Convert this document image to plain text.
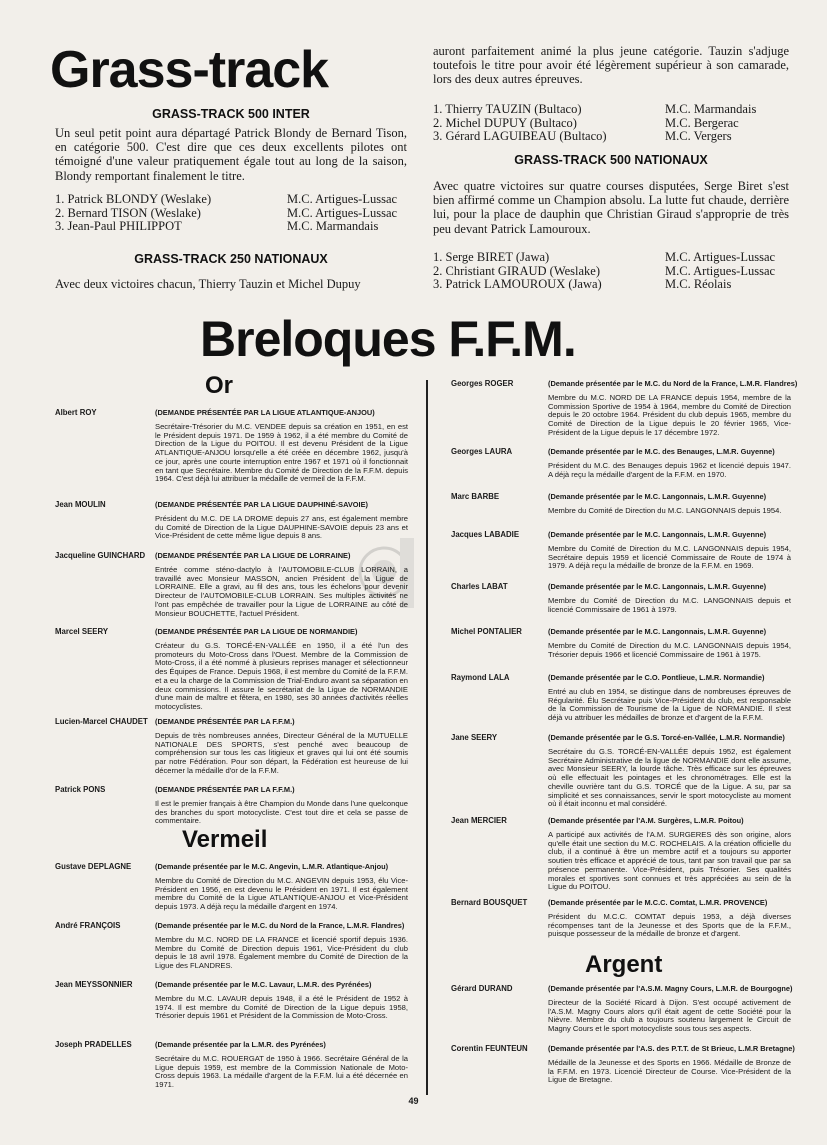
Grass-track
GRASS-TRACK 500 INTER
Un seul petit point aura départagé Patrick Blondy de Bernard Tison, en catégorie 500. C'est dire que ces deux excellents pilotes ont témoigné d'une valeur pratiquement égale tout au long de la saison, Blondy remportant finalement le titre.
1. Patrick BLONDY (Weslake)	M.C. Artigues-Lussac
2. Bernard TISON (Weslake)	M.C. Artigues-Lussac
3. Jean-Paul PHILIPPOT	M.C. Marmandais
GRASS-TRACK 250 NATIONAUX
Avec deux victoires chacun, Thierry Tauzin et Michel Dupuy
auront parfaitement animé la plus jeune catégorie. Tauzin s'adjuge toutefois le titre pour avoir été légèrement supérieur à son camarade, lors des deux autres épreuves.
1. Thierry TAUZIN (Bultaco)	M.C. Marmandais
2. Michel DUPUY (Bultaco)	M.C. Bergerac
3. Gérard LAGUIBEAU (Bultaco)	M.C. Vergers
GRASS-TRACK 500 NATIONAUX
Avec quatre victoires sur quatre courses disputées, Serge Biret s'est bien affirmé comme un Champion absolu. La lutte fut chaude, derrière lui, pour la place de dauphin que Christian Giraud s'approprie de très peu devant Patrick Lamouroux.
1. Serge BIRET (Jawa)	M.C. Artigues-Lussac
2. Christiant GIRAUD (Weslake)	M.C. Artigues-Lussac
3. Patrick LAMOUROUX (Jawa)	M.C. Réolais
Breloques F.F.M.
Or
Vermeil
Argent
Albert ROY	(DEMANDE PRÉSENTÉE PAR LA LIGUE ATLANTIQUE-ANJOU)
Secrétaire-Trésorier du M.C. VENDEE depuis sa création en 1951, en est le Président depuis 1971. De 1959 à 1962, il a été membre du Comité de Direction de la Ligue du POITOU. Il est devenu Président de la Ligue ATLANTIQUE-ANJOU lorsqu'elle a été créée en décembre 1962, jusqu'à ce jour, après une courte interruption entre 1967 et 1971 où il fonctionnait en tant que Secrétaire. Membre du Comité de Direction de la F.F.M. depuis 1964. C'est déjà lui attribuer la médaille de vermeil de la F.F.M.
Jean MOULIN	(DEMANDE PRÉSENTÉE PAR LA LIGUE DAUPHINÉ-SAVOIE)
Président du M.C. DE LA DROME depuis 27 ans, est également membre du Comité de Direction de la Ligue DAUPHINE-SAVOIE depuis 23 ans et Vice-Président de cette même ligue depuis 8 ans.
Jacqueline GUINCHARD (DEMANDE PRÉSENTÉE PAR LA LIGUE DE LORRAINE)
Entrée comme sténo-dactylo à l'AUTOMOBILE-CLUB LORRAIN, a travaillé avec Monsieur MASSON, ancien Président de la Ligue de LORRAINE. Elle a gravi, au fil des ans, tous les échelons pour devenir Directeur de l'AUTOMOBILE-CLUB LORRAIN. Ses multiples activités ne l'ont pas empêchée de travailler pour la Ligue de LORRAINE au côté de Monsieur BOUCHETTE, l'actuel Président.
Marcel SEERY	(DEMANDE PRÉSENTÉE PAR LA LIGUE DE NORMANDIE)
Créateur du G.S. TORCÉ-EN-VALLÉE en 1950, il a été l'un des promoteurs du Moto-Cross dans l'Ouest. Membre de la Commission de Moto-Cross, il a été nommé à plusieurs reprises manager et sélectionneur des Équipes de France. Depuis 1968, il est membre du Comité de la F.F.M. et a eu la charge de la Commission de Trial-Enduro avant sa séparation en deux commissions. Il assure le secrétariat de la Ligue de NORMANDIE d'une main de maître et fêtera, en 1980, ses 30 années d'activités réelles motocyclistes.
Lucien-Marcel CHAUDET (DEMANDE PRÉSENTÉE PAR LA F.F.M.)
Depuis de très nombreuses années, Directeur Général de la MUTUELLE NATIONALE DES SPORTS, s'est penché avec beaucoup de compréhension sur tous les cas litigieux et graves qui lui ont été soumis par notre Fédération. Pour son départ, la Fédération est heureuse de lui décerner la médaille d'or de la F.F.M.
Patrick PONS	(DEMANDE PRÉSENTÉE PAR LA F.F.M.)
Il est le premier français à être Champion du Monde dans l'une quelconque des branches du sport motocycliste. C'est tout dire et cela se passe de commentaire.
Gustave DEPLAGNE	(Demande présentée par le M.C. Angevin, L.M.R. Atlantique-Anjou)
Membre du Comité de Direction du M.C. ANGEVIN depuis 1953, élu Vice-Président en 1956, en est devenu le Président en 1971. Il est également membre du Comité de la Ligue ATLANTIQUE-ANJOU et Vice-Président depuis 1973. A déjà reçu la médaille d'argent en 1974.
André FRANÇOIS	(Demande présentée par le M.C. du Nord de la France, L.M.R. Flandres)
Membre du M.C. NORD DE LA FRANCE et licencié sportif depuis 1936. Membre du Comité de Direction depuis 1961, Vice-Président du club depuis le 18 avril 1978. Également membre du Comité de Direction de la Ligue des FLANDRES.
Jean MEYSSONNIER	(Demande présentée par le M.C. Lavaur, L.M.R. des Pyrénées)
Membre du M.C. LAVAUR depuis 1948, il a été le Président de 1952 à 1974. Il est membre du Comité de Direction de la Ligue depuis 1958, Trésorier depuis 1961 et Président de la Commission de Moto-Cross.
Joseph PRADELLES	(Demande présentée par la L.M.R. des Pyrénées)
Secrétaire du M.C. ROUERGAT de 1950 à 1966. Secrétaire Général de la Ligue depuis 1959, est membre de la Commission Nationale de Moto-Cross depuis 1963. La médaille d'argent de la F.F.M. lui a été décernée en 1971.
Georges ROGER	(Demande présentée par le M.C. du Nord de la France, L.M.R. Flandres)
Membre du M.C. NORD DE LA FRANCE depuis 1954, membre de la Commission Sportive de 1954 à 1964, membre du Comité de Direction depuis le 20 octobre 1964. Président du club depuis 1965, membre du Comité de Direction de la Ligue depuis le 20 février 1965, Vice-Président de la Ligue depuis le 17 décembre 1972.
Georges LAURA	(Demande présentée par le M.C. des Benauges, L.M.R. Guyenne)
Président du M.C. des Benauges depuis 1962 et licencié depuis 1947. A déjà reçu la médaille d'argent de la F.F.M. en 1970.
Marc BARBE	(Demande présentée par le M.C. Langonnais, L.M.R. Guyenne)
Membre du Comité de Direction du M.C. LANGONNAIS depuis 1954.
Jacques LABADIE	(Demande présentée par le M.C. Langonnais, L.M.R. Guyenne)
Membre du Comité de Direction du M.C. LANGONNAIS depuis 1954, Secrétaire depuis 1959 et licencié Commissaire de Route de 1974 à 1979. A déjà reçu la médaille de bronze de la F.F.M. en 1969.
Charles LABAT	(Demande présentée par le M.C. Langonnais, L.M.R. Guyenne)
Membre du Comité de Direction du M.C. LANGONNAIS depuis et licencié Commissaire de 1961 à 1979.
Michel PONTALIER	(Demande présentée par le M.C. Langonnais, L.M.R. Guyenne)
Membre du Comité de Direction du M.C. LANGONNAIS depuis 1954, Trésorier depuis 1966 et licencié Commissaire de 1961 à 1975.
Raymond LALA	(Demande présentée par le C.O. Pontlieue, L.M.R. Normandie)
Entré au club en 1954, se distingue dans de nombreuses épreuves de Régularité. Élu Secrétaire puis Vice-Président du club, est responsable de la Commission de Tourisme de la Ligue de NORMANDIE. Il s'est déjà vu attribuer les médailles de bronze et d'argent de la F.F.M.
Jane SEERY	(Demande présentée par le G.S. Torcé-en-Vallée, L.M.R. Normandie)
Secrétaire du G.S. TORCÉ-EN-VALLÉE depuis 1952, est également Secrétaire Administrative de la ligue de NORMANDIE dont elle assume, avec Monsieur SEERY, la lourde tâche. Très efficace sur les épreuves où elle effectuait les pointages et les chronométrages. Elle est la cheville ouvrière tant du G.S. TORCÉ que de la Ligue. A su, par sa simplicité et ses connaissances, servir le sport motocycliste au moment où il était inconnu et mal considéré.
Jean MERCIER	(Demande présentée par l'A.M. Surgères, L.M.R. Poitou)
A participé aux activités de l'A.M. SURGERES dès son origine, alors qu'elle était une section du M.C. ROCHELAIS. A la création officielle du club, il a continué à être un membre actif et a toujours su apporter soutien très efficace et apprécié de tous, tant par son travail que par sa présence permanente. Vice-Président, puis Trésorier. Ses qualités morales et sportives sont connues et très appréciées au sein de la Ligue du POITOU.
Bernard BOUSQUET	(Demande présentée par le M.C.C. Comtat, L.M.R. PROVENCE)
Président du M.C.C. COMTAT depuis 1953, a déjà diverses récompenses tant de la Jeunesse et des Sports que de la F.F.M., puisque possesseur de la médaille de bronze et d'argent.
Gérard DURAND	(Demande présentée par l'A.S.M. Magny Cours, L.M.R. de Bourgogne)
Directeur de la Société Ricard à Dijon. S'est occupé activement de l'A.S.M. Magny Cours alors qu'il était agent de cette Société pour la Nièvre. Membre du club a toujours soutenu largement le Circuit de Magny Cours et le sport motocycliste sous tous ses aspects.
Corentin FEUNTEUN	(Demande présentée par l'A.S. des P.T.T. de St Brieuc, L.M.R Bretagne)
Médaille de la Jeunesse et des Sports en 1966. Médaille de Bronze de la F.F.M. en 1973. Licencié Directeur de Course. Vice-Président de la Ligue de Bretagne.
49
